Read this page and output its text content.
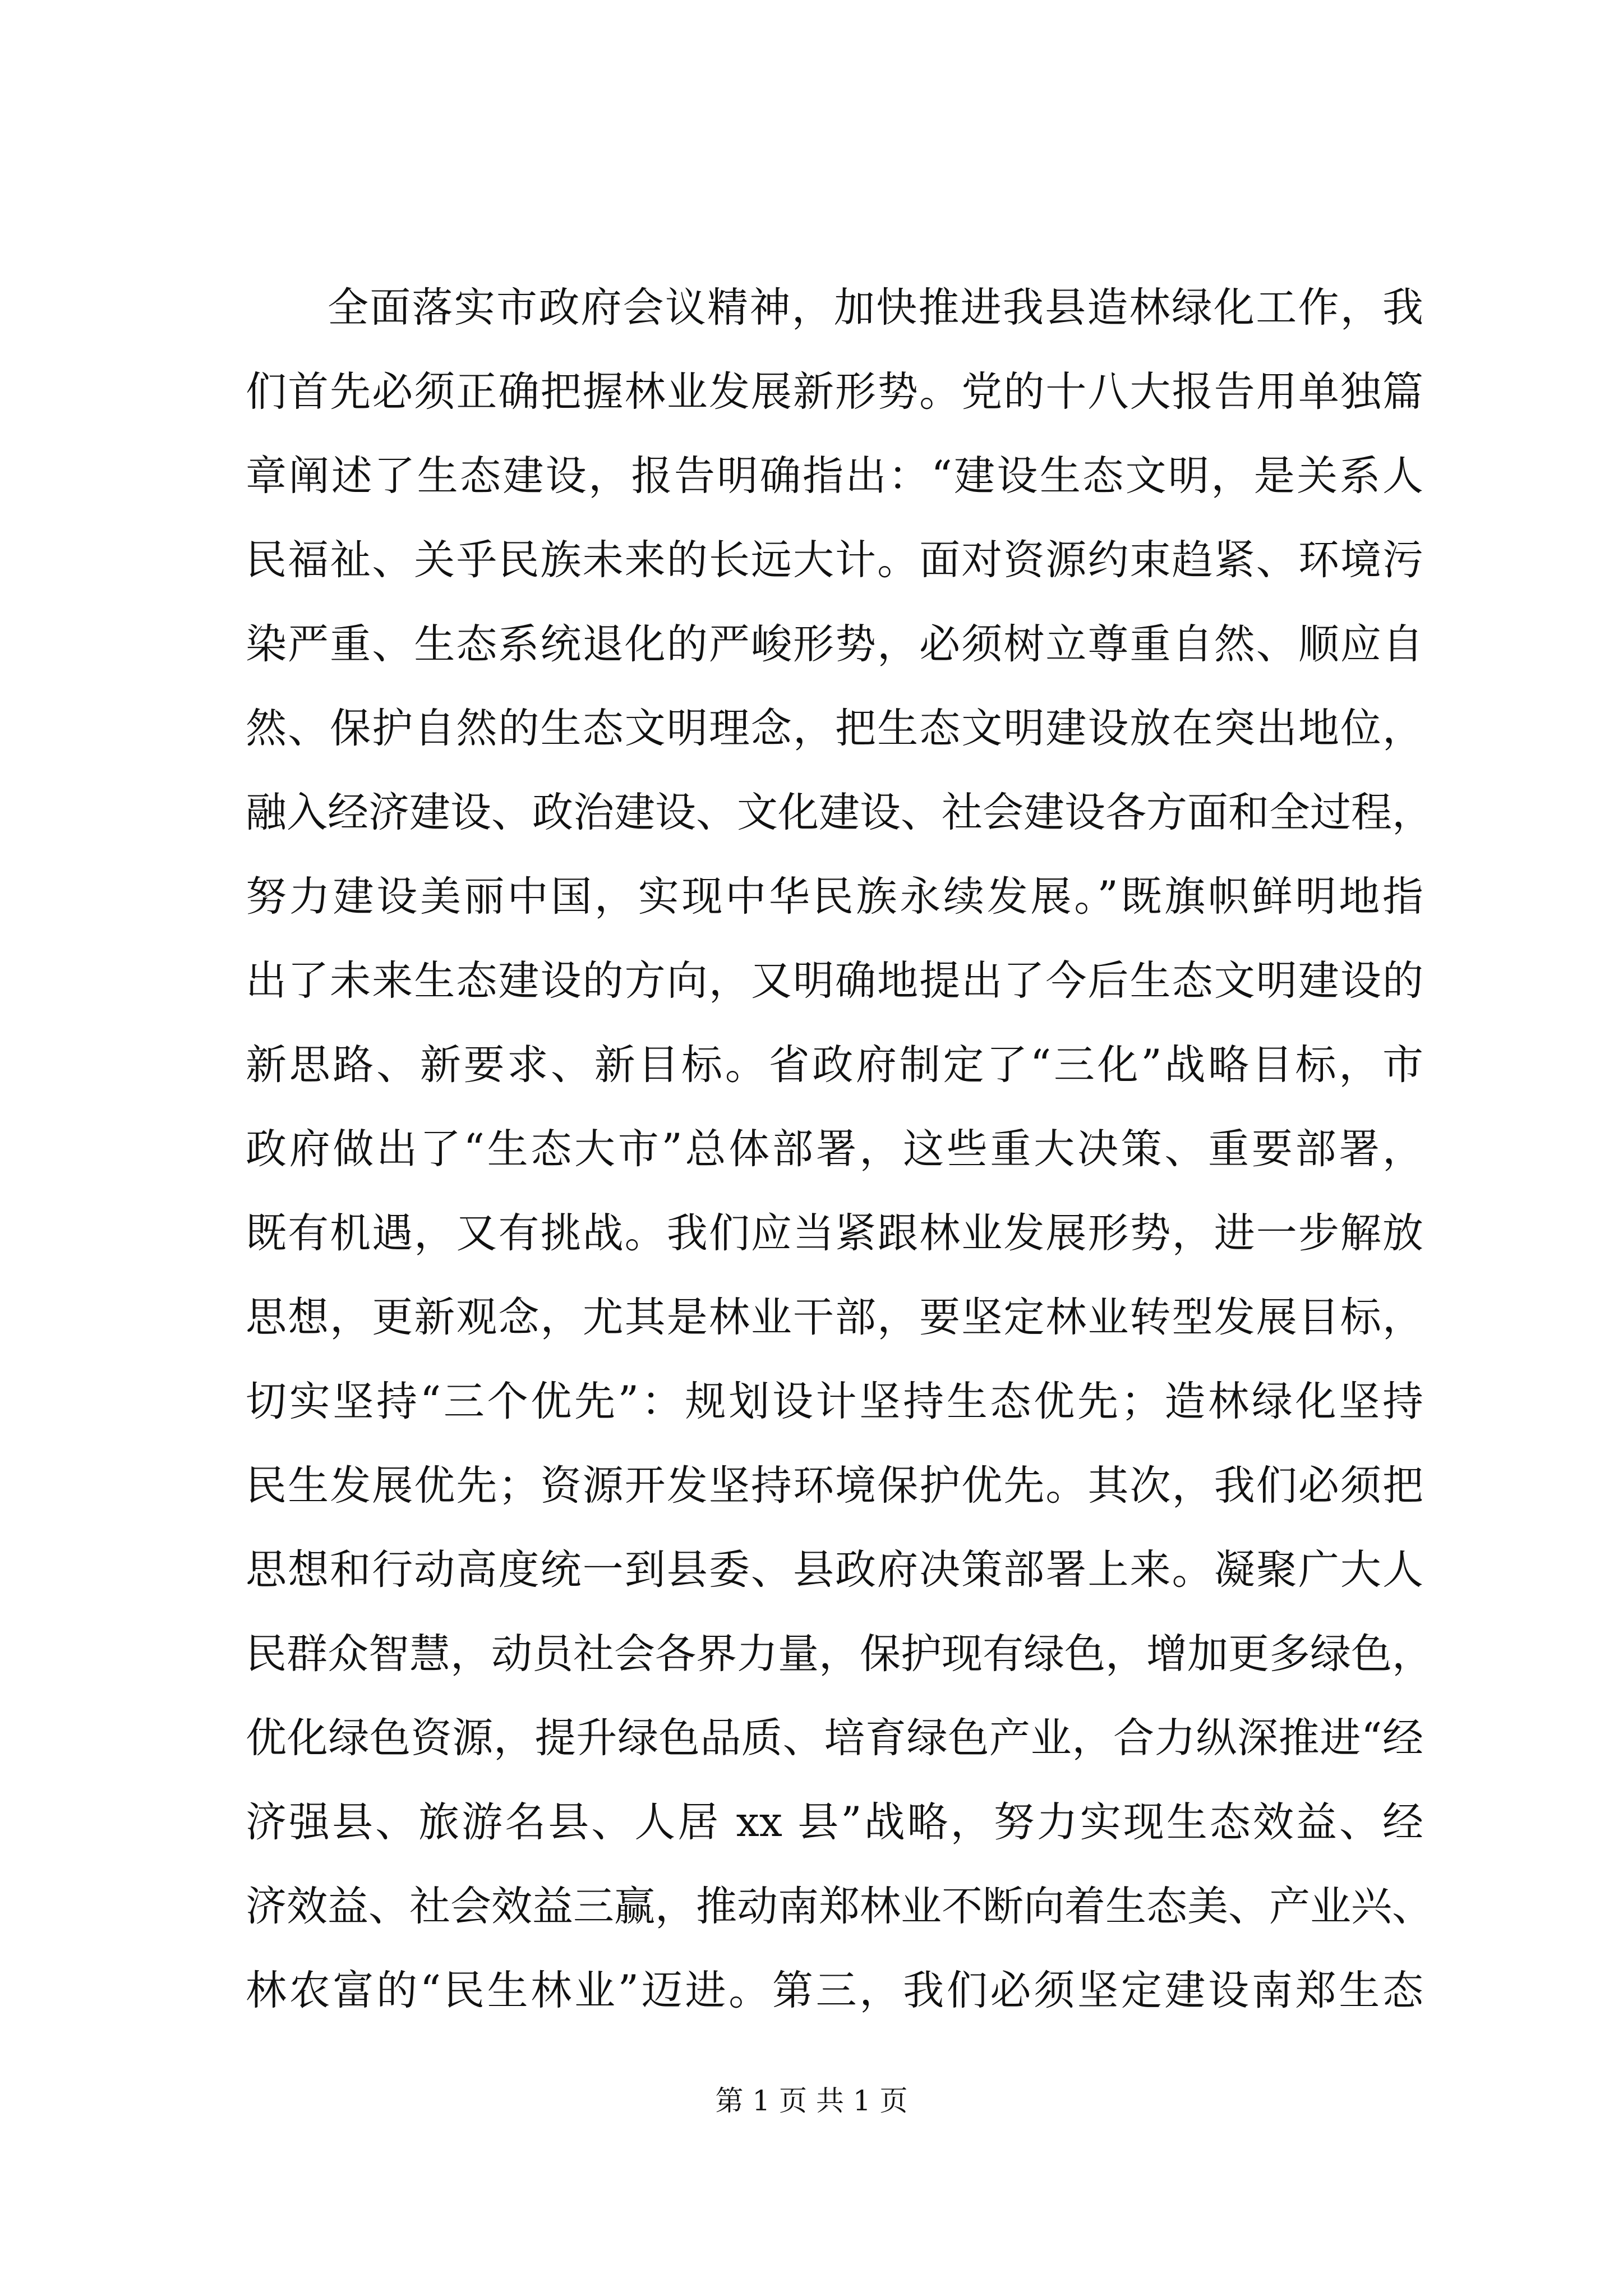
全面落实市政府会议精神，加快推进我县造林绿化工作，我
们首先必须正确把握林业发展新形势。党的十八大报告用单独篇
章阐述了生态建设，报告明确指出：“建设生态文明，是关系人
民福祉、关乎民族未来的长远大计。面对资源约束趋紧、环境污
染严重、生态系统退化的严峻形势，必须树立尊重自然、顺应自
然、保护自然的生态文明理念，把生态文明建设放在突出地位，
融入经济建设、政治建设、文化建设、社会建设各方面和全过程，
努力建设美丽中国，实现中华民族永续发展。”既旗帜鲜明地指
出了未来生态建设的方向，又明确地提出了今后生态文明建设的
新思路、新要求、新目标。省政府制定了“三化”战略目标，市
政府做出了“生态大市”总体部署，这些重大决策、重要部署，
既有机遇，又有挑战。我们应当紧跟林业发展形势，进一步解放
思想，更新观念，尤其是林业干部，要坚定林业转型发展目标，
切实坚持“三个优先”：规划设计坚持生态优先；造林绿化坚持
民生发展优先；资源开发坚持环境保护优先。其次，我们必须把
思想和行动高度统一到县委、县政府决策部署上来。凝聚广大人
民群众智慧，动员社会各界力量，保护现有绿色，增加更多绿色，
优化绿色资源，提升绿色品质、培育绿色产业，合力纵深推进“经
济强县、旅游名县、人居 xx 县”战略，努力实现生态效益、经
济效益、社会效益三赢，推动南郑林业不断向着生态美、产业兴、
林农富的“民生林业”迈进。第三，我们必须坚定建设南郑生态
第 1 页 共 1 页
